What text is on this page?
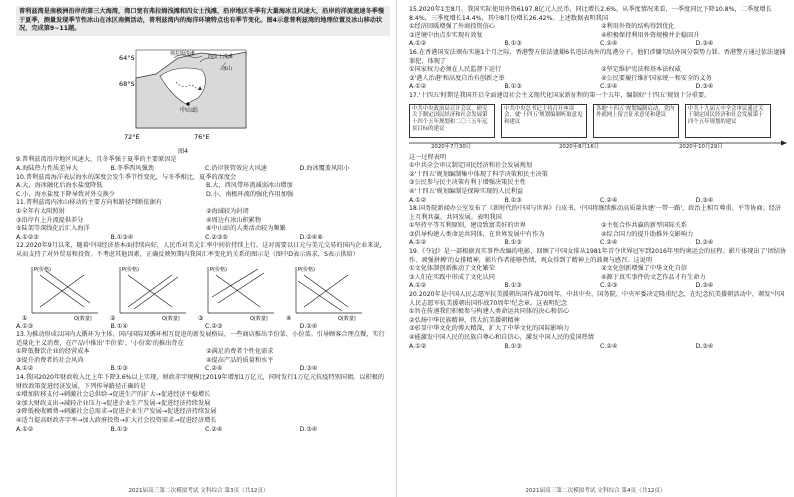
普利兹湾是南极洲沿岸的第三大海湾，湾口宽有弗拉姆浅滩和四女士浅滩，沿岸地区冬季有大量海冰且风速大，沿岸的洋流流速冬季慢于夏季，测量发现季节性冰山在冰区南侧活动，普利兹湾内的海洋环境特点也有季节变化。图4示意普利兹湾的地理位置及冰山移动状况，完成第9~11题。

64°S
68°S
72°E	76°E
中山站
弗拉姆浅滩	四女士浅滩
冰山

图4

9.普利兹湾沿岸地区风速大，且冬季强于夏季的主要原因是

A.海陆热力性质差异大	B.冬季西风强劲	C.沿岸狭管效应大风速	D.海冰覆盖风阻小

10.普利兹湾海洋表层海水的深度会发生季节性变化，与冬季相比，夏季的深度会

A.大，海冰融化后海水盐度降低	B.大，西风带环流减弱冰山增加
C.小，海水盐度下降导致对外交换少	D.小，南极环流的强化作用加强

11.普利兹湾内冰山移动的主要方向和路径判断依据有

①全年有太阳照射	②海域较为封闭
③沿岸有上升流提供养分	④周边有冰山积累物
⑤陆架等深线化后汇入海洋	⑥中山站的人类活动较为频繁
A.①②③	B.①③④	C.②③⑤	D.②④⑥

12.2020年9月以来，随着中国经济基本面持续向好，人民币对美元汇率中间价持续上行。这对需要以日元与美元交易的国内企业来说，从而支持了对外贸易和投资。不考虑其他因素，正确反映短期内我国汇率变化的关系的图示是（图中D表示需求，S表示供给）

P(价格)
Q(数量)
①
P(价格)
Q(数量)
②
P(价格)
Q(数量)
③
P(价格)
Q(数量)
④
A.①③	B.①④	C.②③	D.②④

13.为推动形成以国内大循环为主体、国内国际双循环相互促进的新发展格局，一些商店推出半份菜、小份菜。引导顾客合理点餐，实行适量化主义消费，在产品中推出'半价菜'、'小份菜'的推出背在

①降低餐饮企业的经营成本	②满足消费者个性化需求
③提升消费者的社会风尚	④提高产品的质量和水平
A.①②	B.①③	C.②④	D.③④

14.我国2020年财政收入比上年下降3.6%以上实现，财政赤字规模比2019年增加1万亿元，同时发行1万亿元抗疫特别国债。以积极的财政政策促进经济发展，下列传导路径正确的是

①增加转移支付→刺激社会总供给→促进生产的扩大→促进经济平稳增长

②加大财政支出→减轻企业压力→促进企业生产发展→促进经济持续发展

③降低税收额费→刺激社会总需求→促进企业生产发展→促进经济持续发展

④适当提高财政赤字率→加大政府投资→扩大社会投资需求→促进经济增长

A.①②	B.①③	C.②④	D.③④
2021届高三第二次模拟考试 文科综合 第3页（共12页）

15.2020年1至8月，我国实际使用外资6197.8亿元人民币，同比增长2.6%，从季度情况来看，一季度同比下降10.8%，二季度增长8.4%，三季度增长14.4%，其中8月份增长26.42%。上述数据表明我国

①经济回暖增强了外商投资信心	②利用外资的结构得到优化
③逆境中由点步实现有效复	④积极保持利用外资规模并企稳回升
A.①②	B.①③	C.②④	D.③④

16.在香港国安法颁布实施1个月之际，香港警方依法逮捕6名违法海外的乱港分子。他们涉嫌勾结外国分裂势力罪。香港警方通过依法逮捕罪犯，体现了

①国家权力必须在人民监督下运行	②坚定维护宪法和基本法权威
③'港人治港'和高度自治有创新之举	④公民要履行维护国家统一和安全的义务
A.①②	B.①③	C.②④	D.③④

17.'十四五'时期是我国开启全面建设社会主义现代化国家新征程的第一个五年，编制好'十四五'规划十分重要。

中共中央政治局召开会议，研究关于制定国民经济和社会发展第十四个五年规划和二〇三五年远景目标的建议
中共中央总书记主持召开座谈会，就'十四五'规划编制听取意见和建议
各地'十四五'规划编制启动，党内外就网上留言征求意见和建议
中共十九届五中全会审议通过关于制定国民经济和社会发展第十四个五年规划的建议
2020年7月30日	2020年8月16日	2020年10月29日

这一过程表明

①中共全会审议制定国民经济和社会发展规划

②'十四五'规划编制集中体现了科学决策和民主决策

③公民参与民主决策有利于增强决策民主性

④'十四五'规划编制是保障实现的人民利益

A.①②	B.①③	C.②④	D.③④

18.国务院新闻办公室发布了《新时代的中国与世界》白皮书，中国将继续推动高质量共建'一带一路'，政治上相互尊重、平等协商；经济上互利共赢、共同发展。表明我国

①坚持平等互利原则，建设致富美好的世界	②主张合作共赢的新型国际关系
③倡导构建人类命运共同体，在世界发展中有作为	④综合国力的提升助推外交影响力
A.①②	B.①③	C.②④	D.③④

19.《夺冠》是一部根据真实事件改编的电影，回顾了中国女排从1981年首夺世界冠军到2016年里约奥运会的征程。影片体现出了'团结协作、顽强拼搏'的女排精神，影片作者能够热情，观众得到了精神上的鼓舞与感召。这说明

①文化体制创新推动了文化繁荣	②文化创新增强了中华文化自信
③人们在实践中形成了文化认同	④源于真实事件的文艺作品才有生命力
A.①②	B.①③	C.②③	D.③④

20.2020年是中国人民志愿军抗美援朝出国作战70周年。中共中央、国务院、中央军委决定隆重纪念，在纪念抗美援朝活动中，颁发'中国人民志愿军抗美援朝出国作战70周年'纪念章。这表明纪念

①旨在传递我们积极参与构建人类命运共同体的决心和信心

②弘扬中华民族精神，伟大抗美援朝精神

③彰显中华文化的博大精深，扩大了中华文化的国际影响力

④能激发中国人民的民族自尊心和自信心，激发中国人民的爱国热情

A.①②	B.①③	C.②④	D.③④
2021届高三第二次模拟考试 文科综合 第4页（共12页）
